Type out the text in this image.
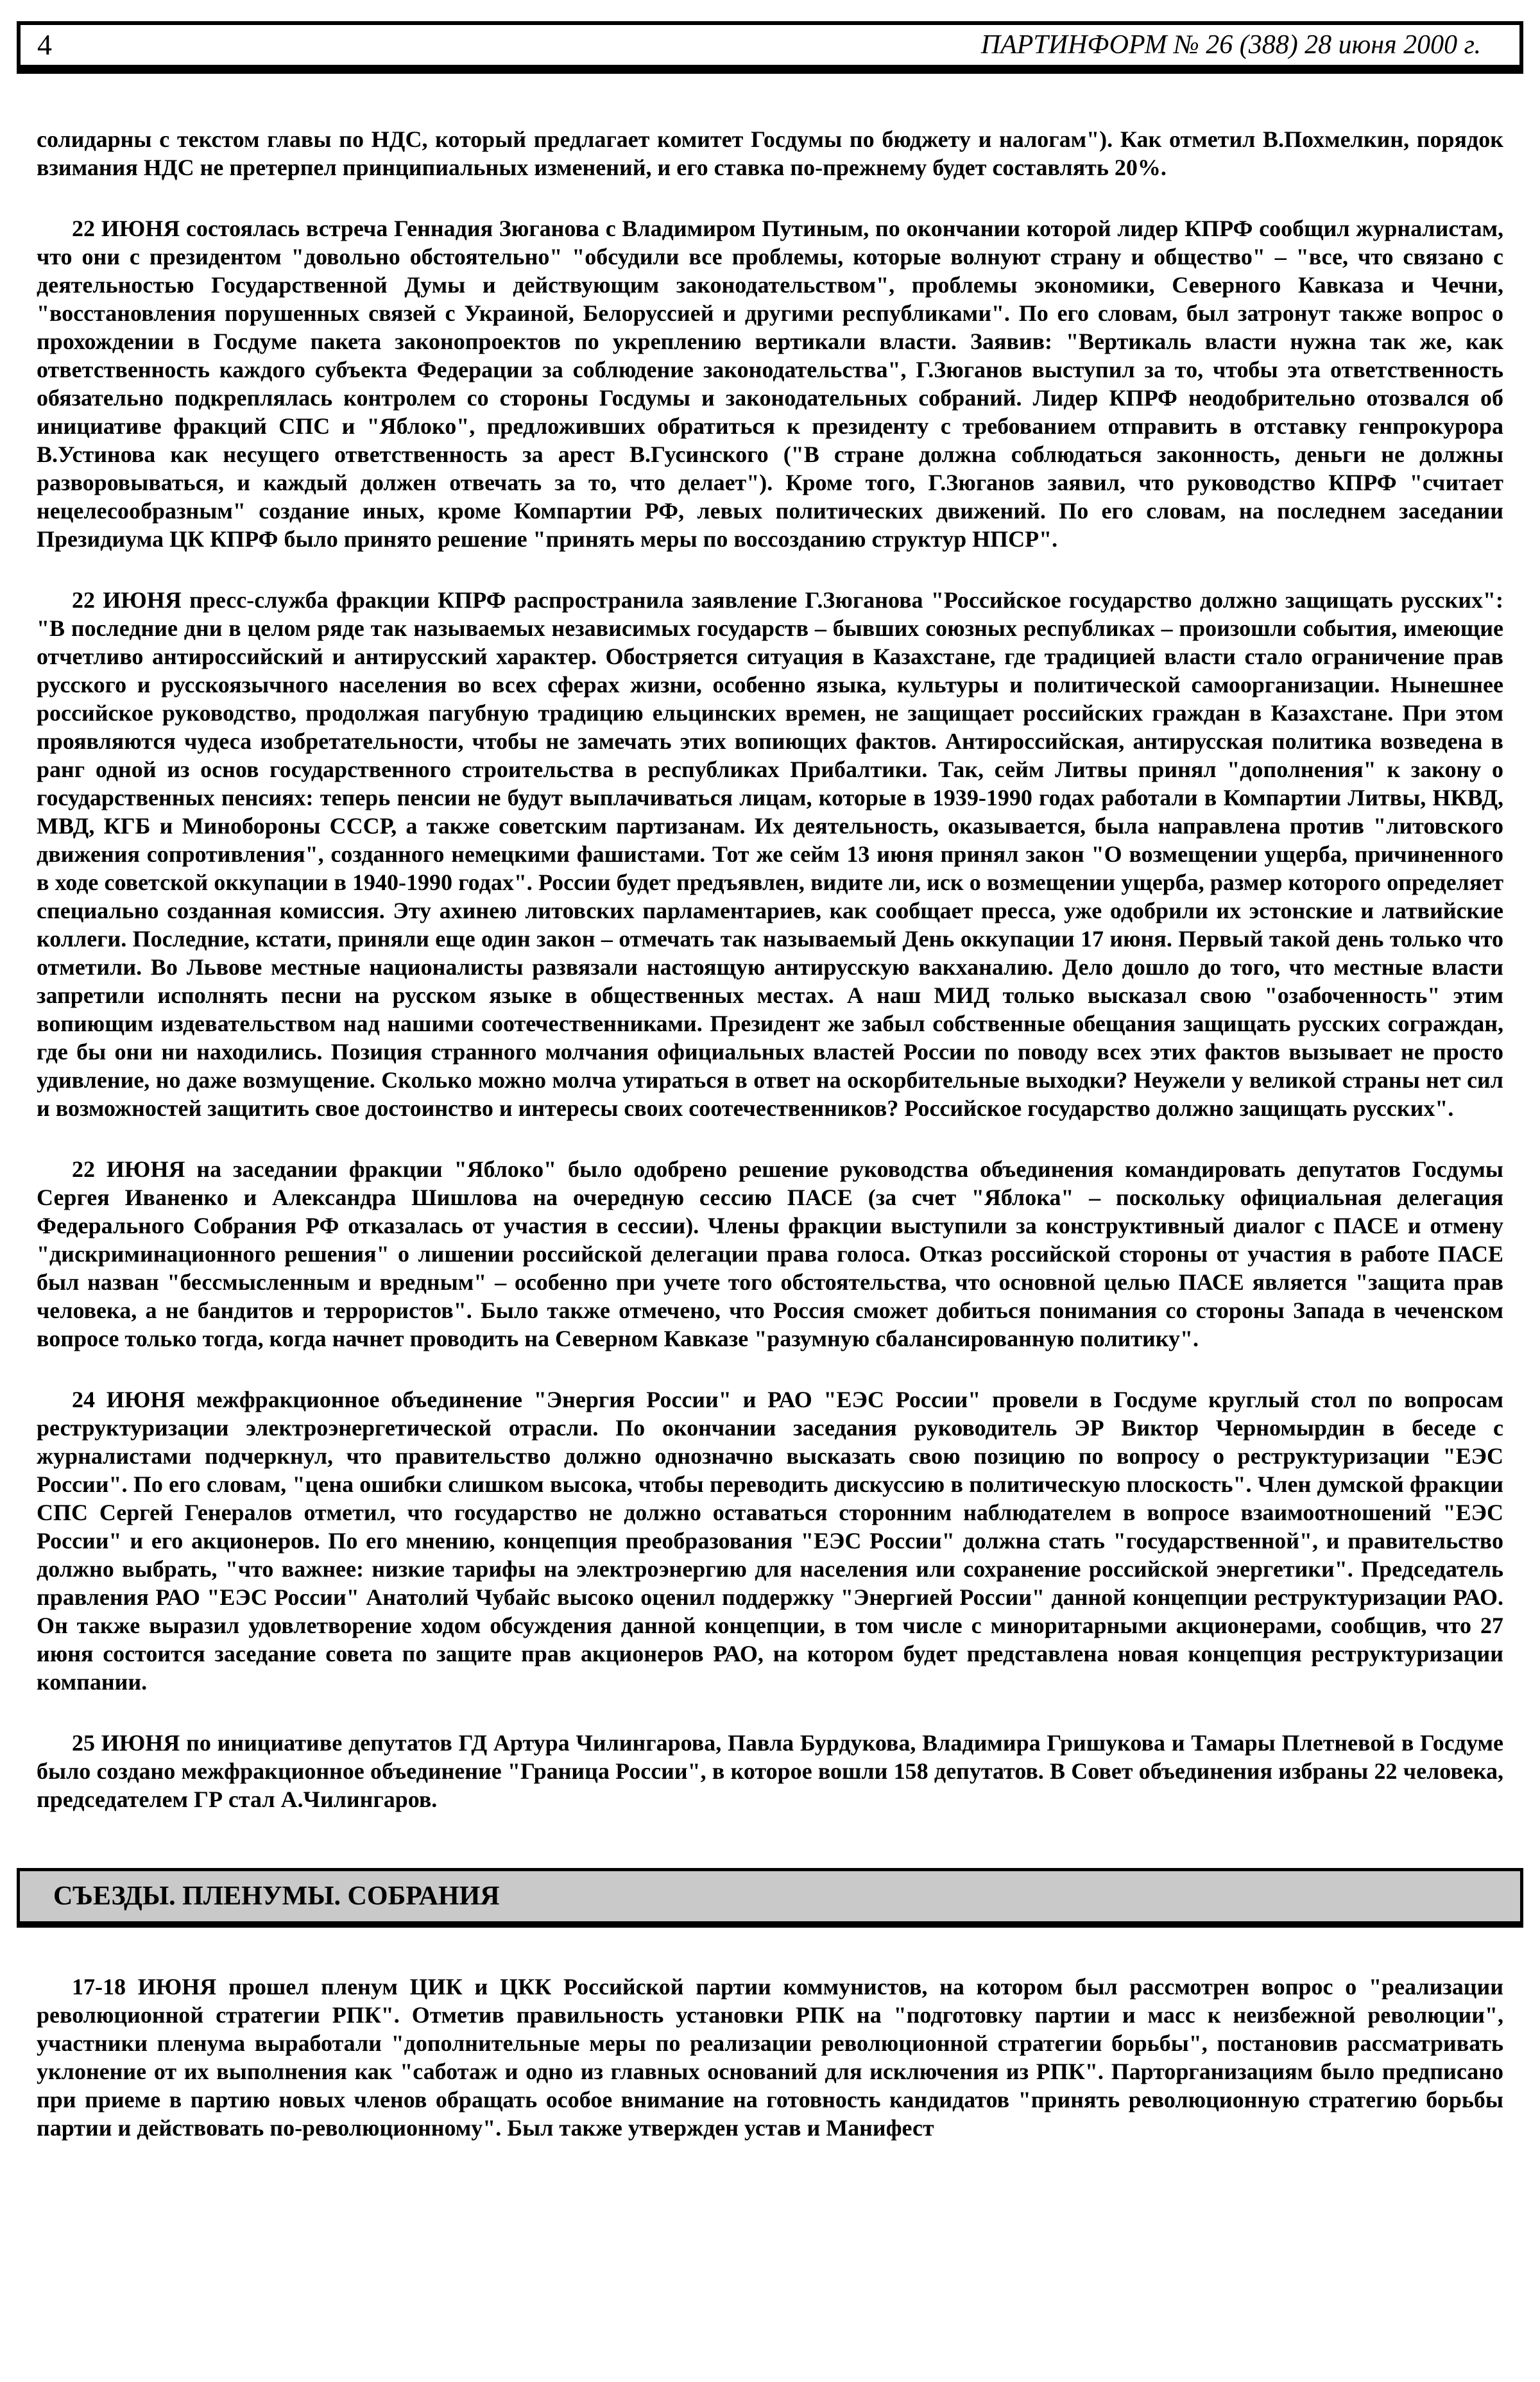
4	ПАРТИНФОРМ № 26 (388) 28 июня 2000 г.

солидарны с текстом главы по НДС, который предлагает комитет Госдумы по бюджету и налогам"). Как отметил В.Похмелкин, порядок взимания НДС не претерпел принципиальных изменений, и его ставка по-прежнему будет составлять 20%.

22 ИЮНЯ состоялась встреча Геннадия Зюганова с Владимиром Путиным, по окончании которой лидер КПРФ сообщил журналистам, что они с президентом "довольно обстоятельно" "обсудили все проблемы, которые волнуют страну и общество" – "все, что связано с деятельностью Государственной Думы и действующим законодательством", проблемы экономики, Северного Кавказа и Чечни, "восстановления порушенных связей с Украиной, Белоруссией и другими республиками". По его словам, был затронут также вопрос о прохождении в Госдуме пакета законопроектов по укреплению вертикали власти. Заявив: "Вертикаль власти нужна так же, как ответственность каждого субъекта Федерации за соблюдение законодательства", Г.Зюганов выступил за то, чтобы эта ответственность обязательно подкреплялась контролем со стороны Госдумы и законодательных собраний. Лидер КПРФ неодобрительно отозвался об инициативе фракций СПС и "Яблоко", предложивших обратиться к президенту с требованием отправить в отставку генпрокурора В.Устинова как несущего ответственность за арест В.Гусинского ("В стране должна соблюдаться законность, деньги не должны разворовываться, и каждый должен отвечать за то, что делает"). Кроме того, Г.Зюганов заявил, что руководство КПРФ "считает нецелесообразным" создание иных, кроме Компартии РФ, левых политических движений. По его словам, на последнем заседании Президиума ЦК КПРФ было принято решение "принять меры по воссозданию структур НПСР".

22 ИЮНЯ пресс-служба фракции КПРФ распространила заявление Г.Зюганова "Российское государство должно защищать русских": "В последние дни в целом ряде так называемых независимых государств – бывших союзных республиках – произошли события, имеющие отчетливо антироссийский и антирусский характер. Обостряется ситуация в Казахстане, где традицией власти стало ограничение прав русского и русскоязычного населения во всех сферах жизни, особенно языка, культуры и политической самоорганизации. Нынешнее российское руководство, продолжая пагубную традицию ельцинских времен, не защищает российских граждан в Казахстане. При этом проявляются чудеса изобретательности, чтобы не замечать этих вопиющих фактов. Антироссийская, антирусская политика возведена в ранг одной из основ государственного строительства в республиках Прибалтики. Так, сейм Литвы принял "дополнения" к закону о государственных пенсиях: теперь пенсии не будут выплачиваться лицам, которые в 1939-1990 годах работали в Компартии Литвы, НКВД, МВД, КГБ и Минобороны СССР, а также советским партизанам. Их деятельность, оказывается, была направлена против "литовского движения сопротивления", созданного немецкими фашистами. Тот же сейм 13 июня принял закон "О возмещении ущерба, причиненного в ходе советской оккупации в 1940-1990 годах". России будет предъявлен, видите ли, иск о возмещении ущерба, размер которого определяет специально созданная комиссия. Эту ахинею литовских парламентариев, как сообщает пресса, уже одобрили их эстонские и латвийские коллеги. Последние, кстати, приняли еще один закон – отмечать так называемый День оккупации 17 июня. Первый такой день только что отметили. Во Львове местные националисты развязали настоящую антирусскую вакханалию. Дело дошло до того, что местные власти запретили исполнять песни на русском языке в общественных местах. А наш МИД только высказал свою "озабоченность" этим вопиющим издевательством над нашими соотечественниками. Президент же забыл собственные обещания защищать русских сограждан, где бы они ни находились. Позиция странного молчания официальных властей России по поводу всех этих фактов вызывает не просто удивление, но даже возмущение. Сколько можно молча утираться в ответ на оскорбительные выходки? Неужели у великой страны нет сил и возможностей защитить свое достоинство и интересы своих соотечественников? Российское государство должно защищать русских".

22 ИЮНЯ на заседании фракции "Яблоко" было одобрено решение руководства объединения командировать депутатов Госдумы Сергея Иваненко и Александра Шишлова на очередную сессию ПАСЕ (за счет "Яблока" – поскольку официальная делегация Федерального Собрания РФ отказалась от участия в сессии). Члены фракции выступили за конструктивный диалог с ПАСЕ и отмену "дискриминационного решения" о лишении российской делегации права голоса. Отказ российской стороны от участия в работе ПАСЕ был назван "бессмысленным и вредным" – особенно при учете того обстоятельства, что основной целью ПАСЕ является "защита прав человека, а не бандитов и террористов". Было также отмечено, что Россия сможет добиться понимания со стороны Запада в чеченском вопросе только тогда, когда начнет проводить на Северном Кавказе "разумную сбалансированную политику".

24 ИЮНЯ межфракционное объединение "Энергия России" и РАО "ЕЭС России" провели в Госдуме круглый стол по вопросам реструктуризации электроэнергетической отрасли. По окончании заседания руководитель ЭР Виктор Черномырдин в беседе с журналистами подчеркнул, что правительство должно однозначно высказать свою позицию по вопросу о реструктуризации "ЕЭС России". По его словам, "цена ошибки слишком высока, чтобы переводить дискуссию в политическую плоскость". Член думской фракции СПС Сергей Генералов отметил, что государство не должно оставаться сторонним наблюдателем в вопросе взаимоотношений "ЕЭС России" и его акционеров. По его мнению, концепция преобразования "ЕЭС России" должна стать "государственной", и правительство должно выбрать, "что важнее: низкие тарифы на электроэнергию для населения или сохранение российской энергетики". Председатель правления РАО "ЕЭС России" Анатолий Чубайс высоко оценил поддержку "Энергией России" данной концепции реструктуризации РАО. Он также выразил удовлетворение ходом обсуждения данной концепции, в том числе с миноритарными акционерами, сообщив, что 27 июня состоится заседание совета по защите прав акционеров РАО, на котором будет представлена новая концепция реструктуризации компании.

25 ИЮНЯ по инициативе депутатов ГД Артура Чилингарова, Павла Бурдукова, Владимира Гришукова и Тамары Плетневой в Госдуме было создано межфракционное объединение "Граница России", в которое вошли 158 депутатов. В Совет объединения избраны 22 человека, председателем ГР стал А.Чилингаров.

СЪЕЗДЫ. ПЛЕНУМЫ. СОБРАНИЯ

17-18 ИЮНЯ прошел пленум ЦИК и ЦКК Российской партии коммунистов, на котором был рассмотрен вопрос о "реализации революционной стратегии РПК". Отметив правильность установки РПК на "подготовку партии и масс к неизбежной революции", участники пленума выработали "дополнительные меры по реализации революционной стратегии борьбы", постановив рассматривать уклонение от их выполнения как "саботаж и одно из главных оснований для исключения из РПК". Парторганизациям было предписано при приеме в партию новых членов обращать особое внимание на готовность кандидатов "принять революционную стратегию борьбы партии и действовать по-революционному". Был также утвержден устав и Манифест
